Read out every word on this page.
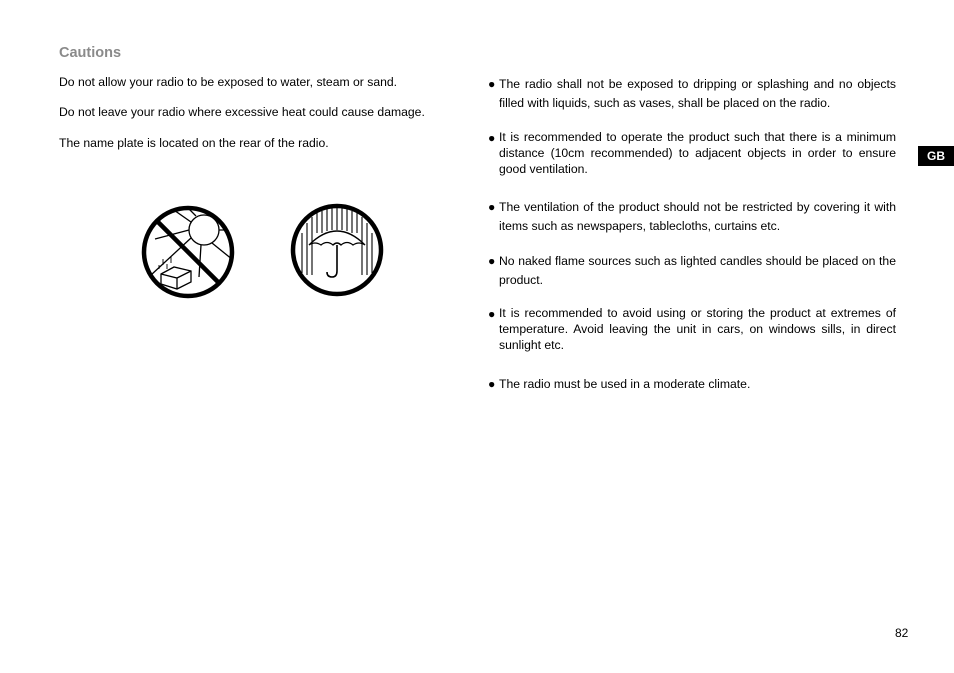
Cautions
Do not allow your radio to be exposed to water, steam or sand.
Do not leave your radio where excessive heat could cause damage.
The name plate is located on the rear of the radio.
● The radio shall not be exposed to dripping or splashing and no objects filled with liquids, such as vases, shall be placed on the radio.
● It is recommended to operate the product such that there is a minimum distance (10cm recommended) to adjacent objects in order to ensure good ventilation.
● The ventilation of the product should not be restricted by covering it with items such as newspapers, tablecloths, curtains etc.
● No naked flame sources such as lighted candles should be placed on the product.
● It is recommended to avoid using or storing the product at extremes of temperature. Avoid leaving the unit in cars, on windows sills, in direct sunlight etc.
● The radio must be used in a moderate climate.
GB
82
